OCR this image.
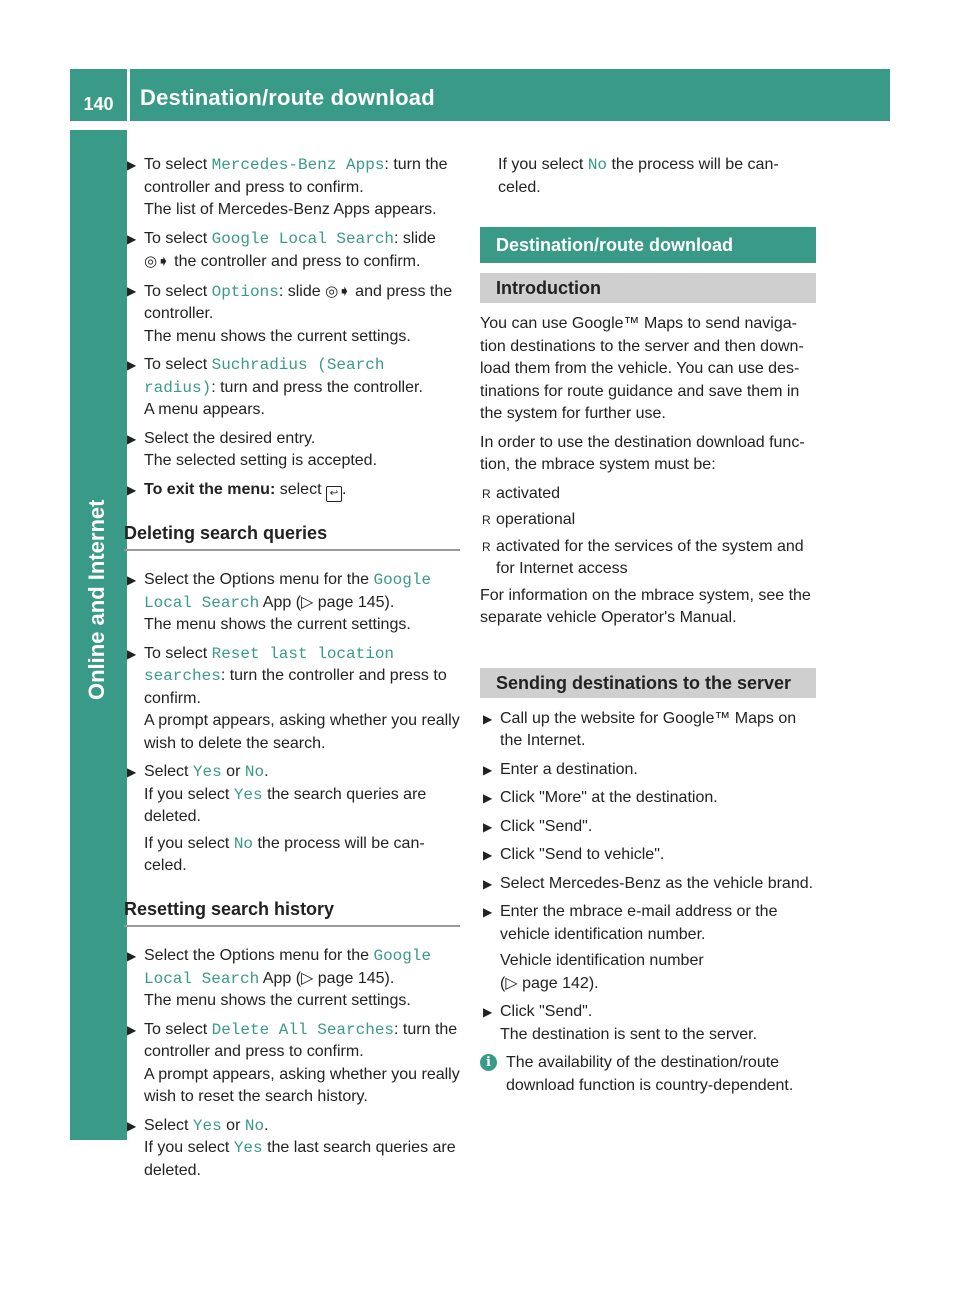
140	Destination/route download
Online and Internet
▶ To select Mercedes-Benz Apps: turn the controller and press to confirm.
The list of Mercedes-Benz Apps appears.
▶ To select Google Local Search: slide ◎➧ the controller and press to confirm.
▶ To select Options: slide ◎➧ and press the controller.
The menu shows the current settings.
▶ To select Suchradius (Search radius): turn and press the controller.
A menu appears.
▶ Select the desired entry.
The selected setting is accepted.
▶ To exit the menu: select ↩ .
Deleting search queries
▶ Select the Options menu for the Google Local Search App (▷ page 145).
The menu shows the current settings.
▶ To select Reset last location searches: turn the controller and press to confirm.
A prompt appears, asking whether you really wish to delete the search.
▶ Select Yes or No.
If you select Yes the search queries are deleted.
If you select No the process will be canceled.
Resetting search history
▶ Select the Options menu for the Google Local Search App (▷ page 145).
The menu shows the current settings.
▶ To select Delete All Searches: turn the controller and press to confirm.
A prompt appears, asking whether you really wish to reset the search history.
▶ Select Yes or No.
If you select Yes the last search queries are deleted.
If you select No the process will be canceled.
Destination/route download
Introduction
You can use Google™ Maps to send navigation destinations to the server and then download them from the vehicle. You can use destinations for route guidance and save them in the system for further use.
In order to use the destination download function, the mbrace system must be:
R activated
R operational
R activated for the services of the system and for Internet access
For information on the mbrace system, see the separate vehicle Operator's Manual.
Sending destinations to the server
▶ Call up the website for Google™ Maps on the Internet.
▶ Enter a destination.
▶ Click "More" at the destination.
▶ Click "Send".
▶ Click "Send to vehicle".
▶ Select Mercedes-Benz as the vehicle brand.
▶ Enter the mbrace e-mail address or the vehicle identification number.
Vehicle identification number
(▷ page 142).
▶ Click "Send".
The destination is sent to the server.
i The availability of the destination/route download function is country-dependent.
